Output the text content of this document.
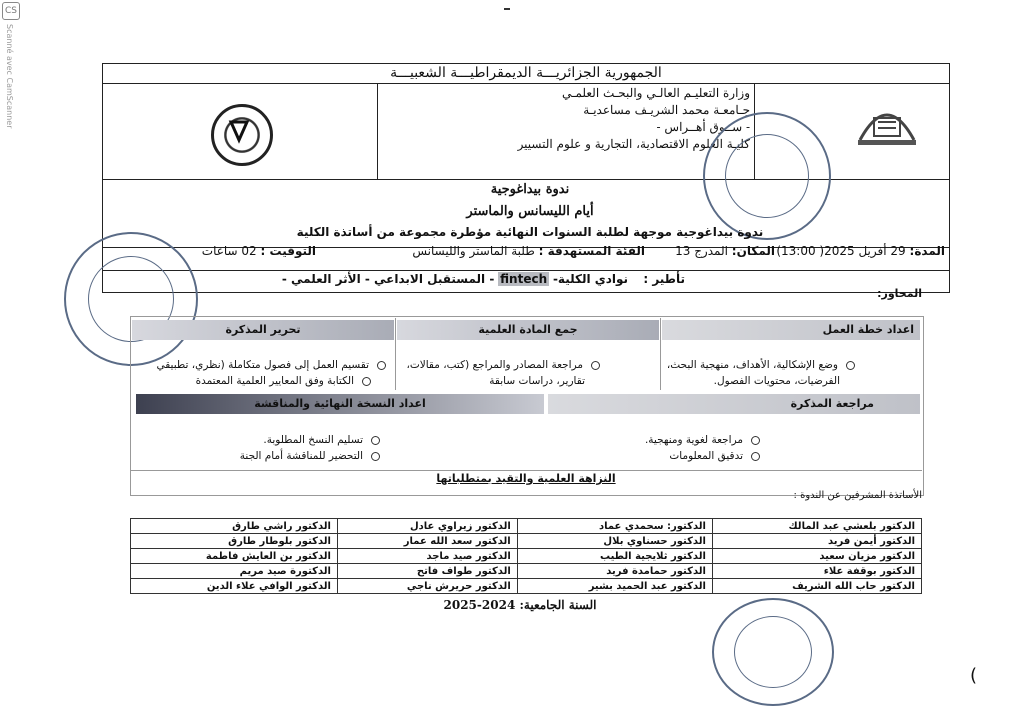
CS
Scanné avec CamScanner	الجمهورية الجزائريـــة الديمقراطيـــة الشعبيـــة
وزارة التعليـم العالـي والبحـث العلمـي
جـامعـة محمد الشريـف مساعديـة
- ســوق أهــراس -
كليـة العلوم الاقتصادية، التجارية و علوم التسيير
ندوة بيداغوجية
أيام الليسانس والماستر
ندوة بيداغوجية موجهة لطلبة السنوات النهائية مؤطرة مجموعة من أساتذة الكلية
المدة: 29 أفريل 2025( 13:00)
المكان: المدرج 13
الفئة المستهدفة : طلبة الماستر والليسانس
التوقيت : 02 ساعات
تأطير :    نوادي الكلية- fintech - المستقبل الابداعي - الأثر العلمي -
المحاور:
تحرير المذكرة	جمع المادة العلمية	اعداد خطة العمل
تقسيم العمل إلى فصول متكاملة (نظري، تطبيقي
الكتابة وفق المعايير العلمية المعتمدة
مراجعة المصادر والمراجع (كتب، مقالات،
تقارير، دراسات سابقة
وضع الإشكالية، الأهداف، منهجية البحث،
الفرضيات، محتويات الفصول.
اعداد النسخة النهائية والمناقشة	مراجعة المذكرة
تسليم النسخ المطلوبة.
التحضير للمناقشة أمام الجنة
مراجعة لغوية ومنهجية.
تدقيق المعلومات
النزاهة العلمية والتقيد بمتطلباتها
الأساتذة المشرفين عن الندوة :
الدكتور بلعشي عبد المالك	الدكتور: سحمدي عماد	الدكتور زيراوي عادل	الدكتور راشي طارق
الدكتور أيمن فريد	الدكتور حسناوي بلال	الدكتور سعد الله عمار	الدكتور بلوطار طارق
الدكتور مزيان سعيد	الدكتور ثلايجية الطيب	الدكتور صيد ماجد	الدكتور بن العايش فاطمة
الدكتور بوقفة علاء	الدكتور حمامدة فريد	الدكتور طواف فاتح	الدكتورة صيد مريم
الدكتور حاب الله الشريف	الدكتور عبد الحميد بشير	الدكتور حريرش ناجي	الدكتور الوافي علاء الدين
السنة الجامعية: 2024-2025
(
